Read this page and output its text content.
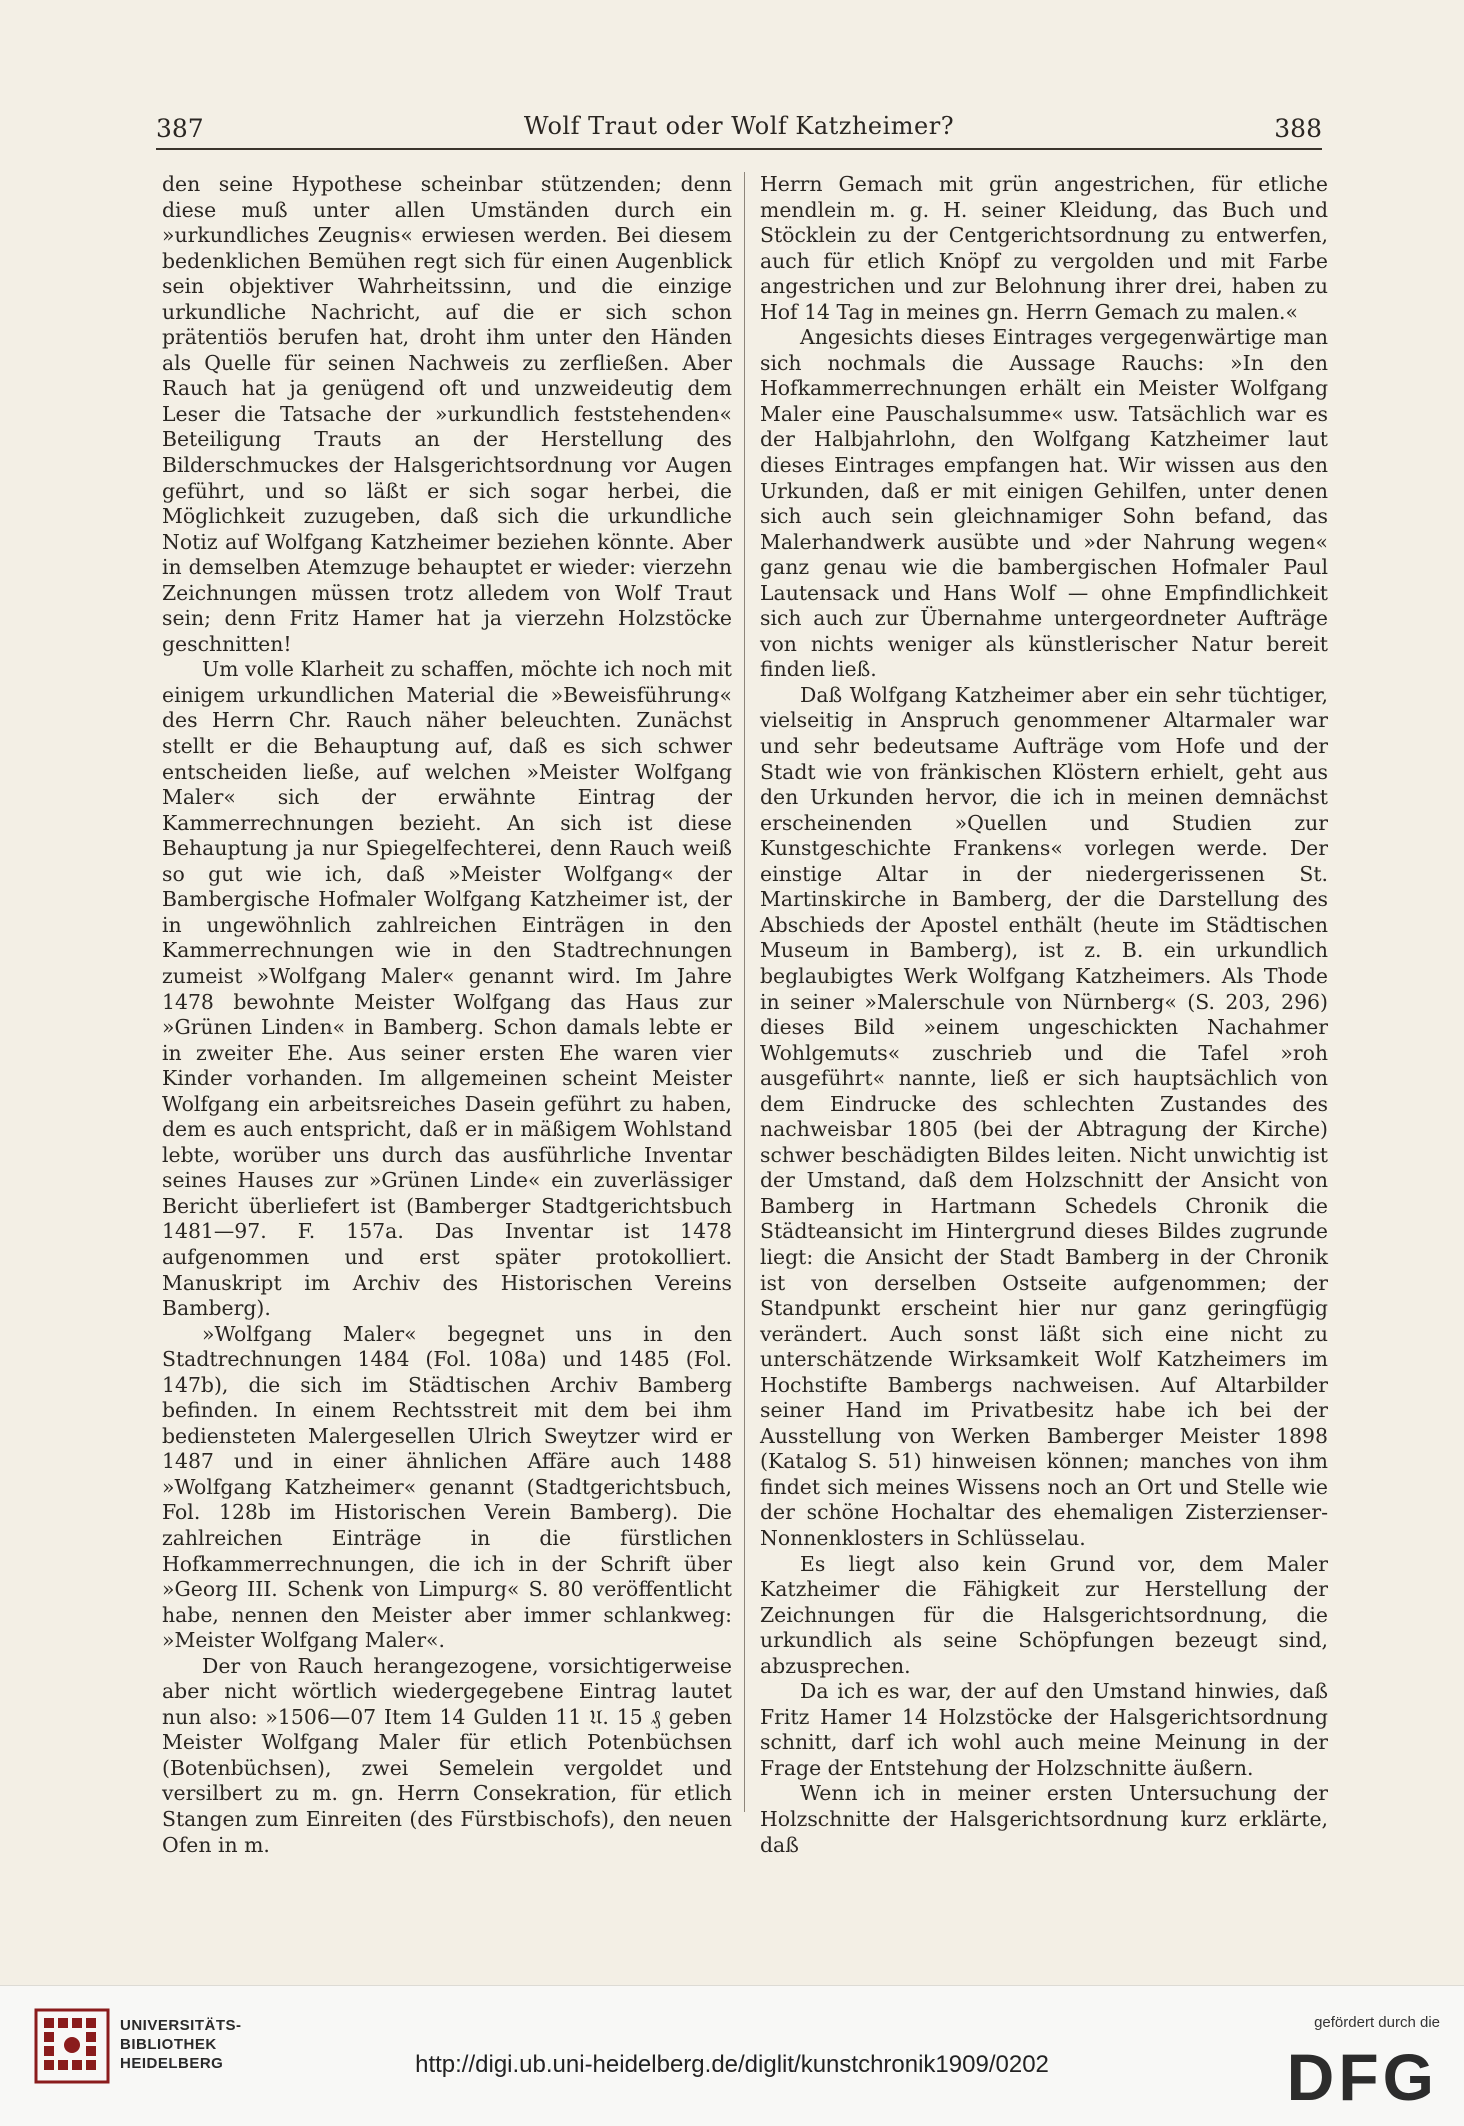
387	Wolf Traut oder Wolf Katzheimer?	388

den seine Hypothese scheinbar stützenden; denn diese muß unter allen Umständen durch ein »urkundliches Zeugnis« erwiesen werden. Bei diesem bedenklichen Bemühen regt sich für einen Augenblick sein objektiver Wahrheitssinn, und die einzige urkundliche Nachricht, auf die er sich schon prätentiös berufen hat, droht ihm unter den Händen als Quelle für seinen Nachweis zu zerfließen. Aber Rauch hat ja genügend oft und unzweideutig dem Leser die Tatsache der »urkundlich feststehenden« Beteiligung Trauts an der Herstellung des Bilderschmuckes der Halsgerichtsordnung vor Augen geführt, und so läßt er sich sogar herbei, die Möglichkeit zuzugeben, daß sich die urkundliche Notiz auf Wolfgang Katzheimer beziehen könnte. Aber in demselben Atemzuge behauptet er wieder: vierzehn Zeichnungen müssen trotz alledem von Wolf Traut sein; denn Fritz Hamer hat ja vierzehn Holzstöcke geschnitten!

Um volle Klarheit zu schaffen, möchte ich noch mit einigem urkundlichen Material die »Beweisführung« des Herrn Chr. Rauch näher beleuchten. Zunächst stellt er die Behauptung auf, daß es sich schwer entscheiden ließe, auf welchen »Meister Wolfgang Maler« sich der erwähnte Eintrag der Kammerrechnungen bezieht. An sich ist diese Behauptung ja nur Spiegelfechterei, denn Rauch weiß so gut wie ich, daß »Meister Wolfgang« der Bambergische Hofmaler Wolfgang Katzheimer ist, der in ungewöhnlich zahlreichen Einträgen in den Kammerrechnungen wie in den Stadtrechnungen zumeist »Wolfgang Maler« genannt wird. Im Jahre 1478 bewohnte Meister Wolfgang das Haus zur »Grünen Linden« in Bamberg. Schon damals lebte er in zweiter Ehe. Aus seiner ersten Ehe waren vier Kinder vorhanden. Im allgemeinen scheint Meister Wolfgang ein arbeitsreiches Dasein geführt zu haben, dem es auch entspricht, daß er in mäßigem Wohlstand lebte, worüber uns durch das ausführliche Inventar seines Hauses zur »Grünen Linde« ein zuverlässiger Bericht überliefert ist (Bamberger Stadtgerichtsbuch 1481—97. F. 157a. Das Inventar ist 1478 aufgenommen und erst später protokolliert. Manuskript im Archiv des Historischen Vereins Bamberg).

»Wolfgang Maler« begegnet uns in den Stadtrechnungen 1484 (Fol. 108a) und 1485 (Fol. 147b), die sich im Städtischen Archiv Bamberg befinden. In einem Rechtsstreit mit dem bei ihm bediensteten Malergesellen Ulrich Sweytzer wird er 1487 und in einer ähnlichen Affäre auch 1488 »Wolfgang Katzheimer« genannt (Stadtgerichtsbuch, Fol. 128b im Historischen Verein Bamberg). Die zahlreichen Einträge in die fürstlichen Hofkammerrechnungen, die ich in der Schrift über »Georg III. Schenk von Limpurg« S. 80 veröffentlicht habe, nennen den Meister aber immer schlankweg: »Meister Wolfgang Maler«.

Der von Rauch herangezogene, vorsichtigerweise aber nicht wörtlich wiedergegebene Eintrag lautet nun also: »1506—07 Item 14 Gulden 11 𝔘. 15 ₰ geben Meister Wolfgang Maler für etlich Potenbüchsen (Botenbüchsen), zwei Semelein vergoldet und versilbert zu m. gn. Herrn Consekration, für etlich Stangen zum Einreiten (des Fürstbischofs), den neuen Ofen in m.

Herrn Gemach mit grün angestrichen, für etliche mendlein m. g. H. seiner Kleidung, das Buch und Stöcklein zu der Centgerichtsordnung zu entwerfen, auch für etlich Knöpf zu vergolden und mit Farbe angestrichen und zur Belohnung ihrer drei, haben zu Hof 14 Tag in meines gn. Herrn Gemach zu malen.«

Angesichts dieses Eintrages vergegenwärtige man sich nochmals die Aussage Rauchs: »In den Hofkammerrechnungen erhält ein Meister Wolfgang Maler eine Pauschalsumme« usw. Tatsächlich war es der Halbjahrlohn, den Wolfgang Katzheimer laut dieses Eintrages empfangen hat. Wir wissen aus den Urkunden, daß er mit einigen Gehilfen, unter denen sich auch sein gleichnamiger Sohn befand, das Malerhandwerk ausübte und »der Nahrung wegen« ganz genau wie die bambergischen Hofmaler Paul Lautensack und Hans Wolf — ohne Empfindlichkeit sich auch zur Übernahme untergeordneter Aufträge von nichts weniger als künstlerischer Natur bereit finden ließ.

Daß Wolfgang Katzheimer aber ein sehr tüchtiger, vielseitig in Anspruch genommener Altarmaler war und sehr bedeutsame Aufträge vom Hofe und der Stadt wie von fränkischen Klöstern erhielt, geht aus den Urkunden hervor, die ich in meinen demnächst erscheinenden »Quellen und Studien zur Kunstgeschichte Frankens« vorlegen werde. Der einstige Altar in der niedergerissenen St. Martinskirche in Bamberg, der die Darstellung des Abschieds der Apostel enthält (heute im Städtischen Museum in Bamberg), ist z. B. ein urkundlich beglaubigtes Werk Wolfgang Katzheimers. Als Thode in seiner »Malerschule von Nürnberg« (S. 203, 296) dieses Bild »einem ungeschickten Nachahmer Wohlgemuts« zuschrieb und die Tafel »roh ausgeführt« nannte, ließ er sich hauptsächlich von dem Eindrucke des schlechten Zustandes des nachweisbar 1805 (bei der Abtragung der Kirche) schwer beschädigten Bildes leiten. Nicht unwichtig ist der Umstand, daß dem Holzschnitt der Ansicht von Bamberg in Hartmann Schedels Chronik die Städteansicht im Hintergrund dieses Bildes zugrunde liegt: die Ansicht der Stadt Bamberg in der Chronik ist von derselben Ostseite aufgenommen; der Standpunkt erscheint hier nur ganz geringfügig verändert. Auch sonst läßt sich eine nicht zu unterschätzende Wirksamkeit Wolf Katzheimers im Hochstifte Bambergs nachweisen. Auf Altarbilder seiner Hand im Privatbesitz habe ich bei der Ausstellung von Werken Bamberger Meister 1898 (Katalog S. 51) hinweisen können; manches von ihm findet sich meines Wissens noch an Ort und Stelle wie der schöne Hochaltar des ehemaligen Zisterzienser-Nonnenklosters in Schlüsselau.

Es liegt also kein Grund vor, dem Maler Katzheimer die Fähigkeit zur Herstellung der Zeichnungen für die Halsgerichtsordnung, die urkundlich als seine Schöpfungen bezeugt sind, abzusprechen.

Da ich es war, der auf den Umstand hinwies, daß Fritz Hamer 14 Holzstöcke der Halsgerichtsordnung schnitt, darf ich wohl auch meine Meinung in der Frage der Entstehung der Holzschnitte äußern.

Wenn ich in meiner ersten Untersuchung der Holzschnitte der Halsgerichtsordnung kurz erklärte, daß

UNIVERSITÄTS-
BIBLIOTHEK
HEIDELBERG	http://digi.ub.uni-heidelberg.de/diglit/kunstchronik1909/0202
gefördert durch die
DFG
